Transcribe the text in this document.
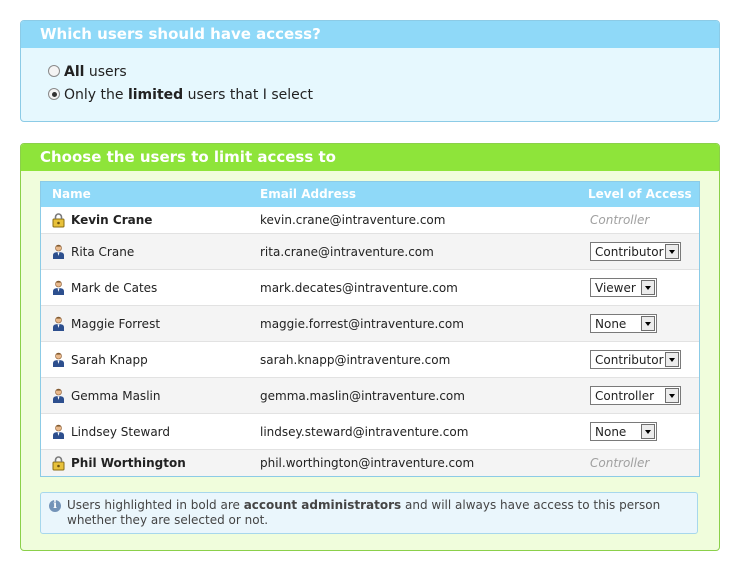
Which users should have access?
All users
Only the limited users that I select
Choose the users to limit access to
Name	Email Address	Level of Access
Kevin Crane	kevin.crane@intraventure.com	Controller
Rita Crane	rita.crane@intraventure.com	Contributor
Mark de Cates	mark.decates@intraventure.com	Viewer
Maggie Forrest	maggie.forrest@intraventure.com	None
Sarah Knapp	sarah.knapp@intraventure.com	Contributor
Gemma Maslin	gemma.maslin@intraventure.com	Controller
Lindsey Steward	lindsey.steward@intraventure.com	None
Phil Worthington	phil.worthington@intraventure.com	Controller
i Users highlighted in bold are account administrators and will always have access to this person whether they are selected or not.
